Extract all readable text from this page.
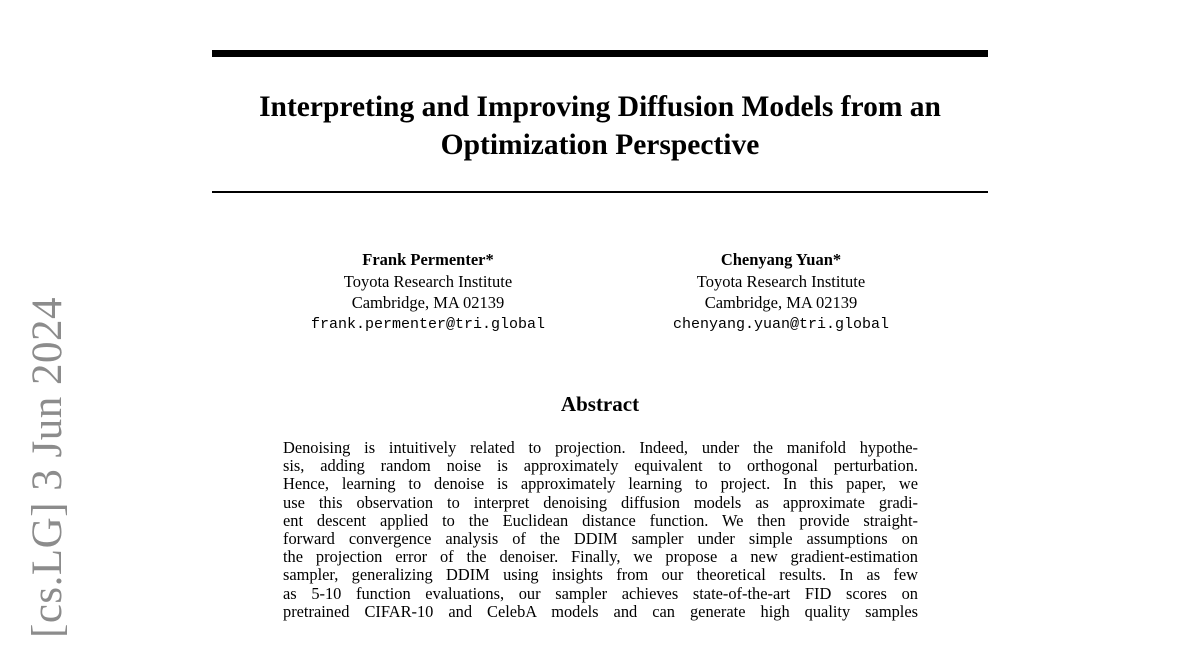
Interpreting and Improving Diffusion Models from an
Optimization Perspective
Frank Permenter*
Toyota Research Institute
Cambridge, MA 02139
frank.permenter@tri.global
Chenyang Yuan*
Toyota Research Institute
Cambridge, MA 02139
chenyang.yuan@tri.global
Abstract
Denoising is intuitively related to projection. Indeed, under the manifold hypothe-
sis, adding random noise is approximately equivalent to orthogonal perturbation.
Hence, learning to denoise is approximately learning to project. In this paper, we
use this observation to interpret denoising diffusion models as approximate gradi-
ent descent applied to the Euclidean distance function. We then provide straight-
forward convergence analysis of the DDIM sampler under simple assumptions on
the projection error of the denoiser. Finally, we propose a new gradient-estimation
sampler, generalizing DDIM using insights from our theoretical results. In as few
as 5-10 function evaluations, our sampler achieves state-of-the-art FID scores on
pretrained CIFAR-10 and CelebA models and can generate high quality samples
[cs.LG] 3 Jun 2024
